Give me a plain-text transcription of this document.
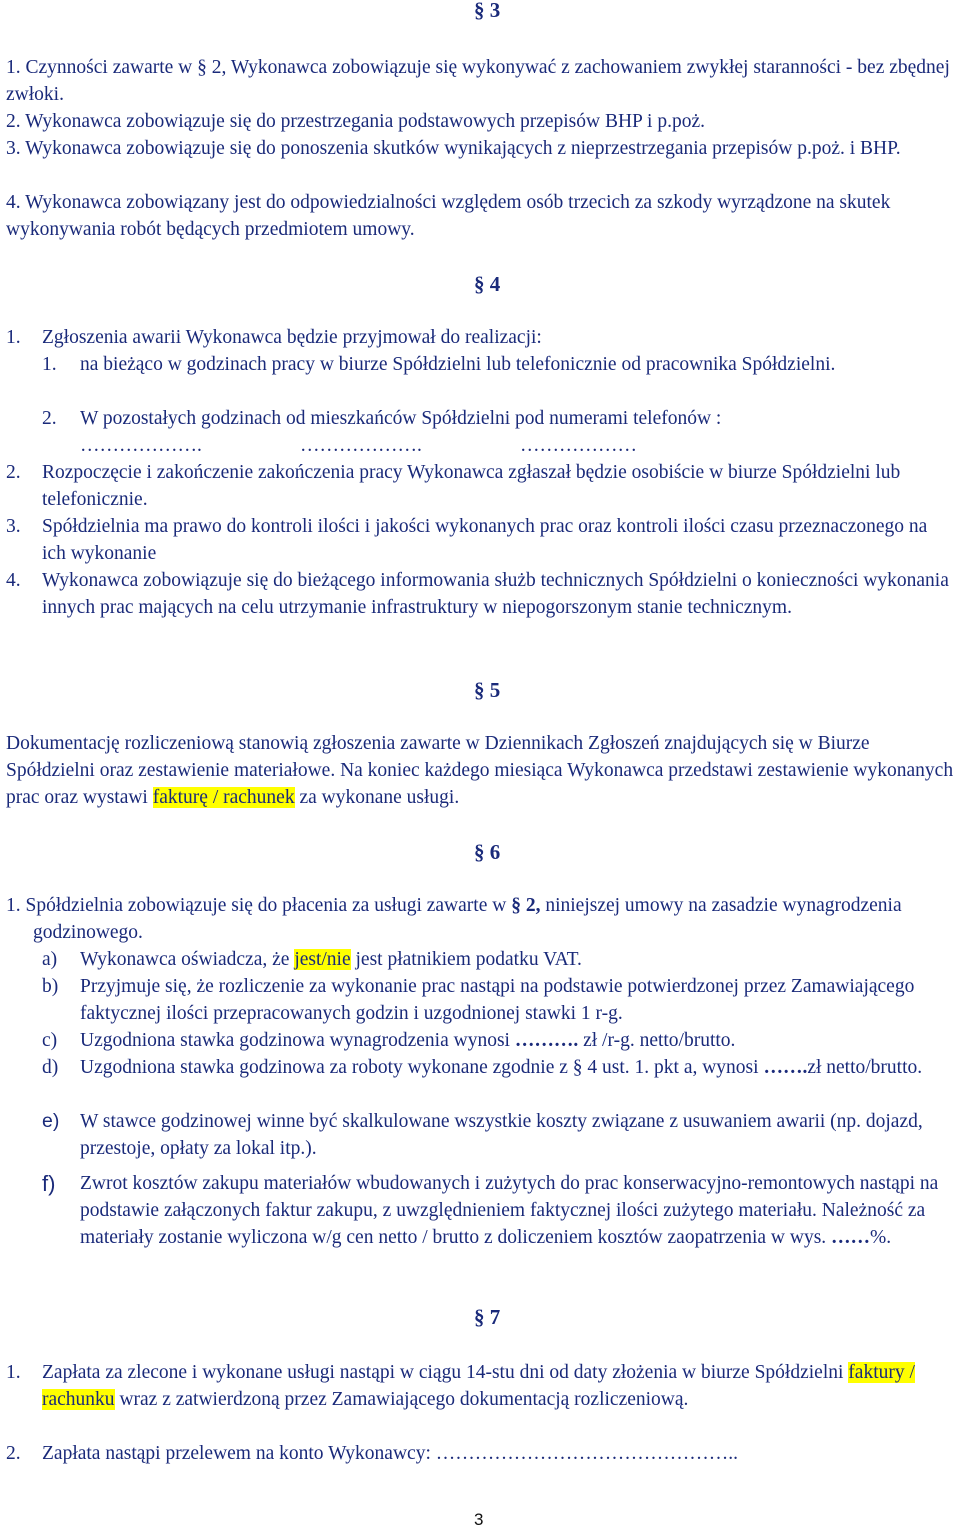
§ 3

1. Czynności zawarte w § 2, Wykonawca zobowiązuje się wykonywać z zachowaniem zwykłej staranności - bez zbędnej zwłoki.

2. Wykonawca zobowiązuje się do przestrzegania podstawowych przepisów BHP i p.poż.

3. Wykonawca zobowiązuje się do ponoszenia skutków wynikających z nieprzestrzegania przepisów p.poż. i BHP.

4. Wykonawca zobowiązany jest do odpowiedzialności względem osób trzecich za szkody wyrządzone na skutek wykonywania robót będących przedmiotem umowy.

§ 4

1.	Zgłoszenia awarii Wykonawca będzie przyjmował do realizacji:
1.	na bieżąco w godzinach pracy w biurze Spółdzielni lub telefonicznie od pracownika Spółdzielni.
2.	W pozostałych godzinach od mieszkańców Spółdzielni pod numerami telefonów :
……………….	……………….	………………
2.	Rozpoczęcie i zakończenie zakończenia pracy Wykonawca zgłaszał będzie osobiście w biurze Spółdzielni lub telefonicznie.
3.	Spółdzielnia ma prawo do kontroli ilości i jakości wykonanych prac oraz kontroli ilości czasu przeznaczonego na ich wykonanie
4.	Wykonawca zobowiązuje się do bieżącego informowania służb technicznych Spółdzielni o konieczności wykonania innych prac mających na celu utrzymanie infrastruktury w niepogorszonym stanie technicznym.

§ 5

Dokumentację rozliczeniową stanowią zgłoszenia zawarte w Dziennikach Zgłoszeń znajdujących się w Biurze Spółdzielni oraz zestawienie materiałowe. Na koniec każdego miesiąca Wykonawca przedstawi zestawienie wykonanych prac oraz wystawi fakturę / rachunek za wykonane usługi.

§ 6

1. Spółdzielnia zobowiązuje się do płacenia za usługi zawarte w § 2, niniejszej umowy na zasadzie wynagrodzenia godzinowego.

a)	Wykonawca oświadcza, że jest/nie jest płatnikiem podatku VAT.
b)	Przyjmuje się, że rozliczenie za wykonanie prac nastąpi na podstawie potwierdzonej przez Zamawiającego faktycznej ilości przepracowanych godzin i uzgodnionej stawki 1 r-g.
c)	Uzgodniona stawka godzinowa wynagrodzenia wynosi ………. zł /r-g. netto/brutto.
d)	Uzgodniona stawka godzinowa za roboty wykonane zgodnie z § 4 ust. 1. pkt a, wynosi …….zł netto/brutto.
e)	W stawce godzinowej winne być skalkulowane wszystkie koszty związane z usuwaniem awarii (np. dojazd, przestoje, opłaty za lokal itp.).
f)	Zwrot kosztów zakupu materiałów wbudowanych i zużytych do prac konserwacyjno-remontowych nastąpi na podstawie załączonych faktur zakupu, z uwzględnieniem faktycznej ilości zużytego materiału. Należność za materiały zostanie wyliczona w/g cen netto / brutto z doliczeniem kosztów zaopatrzenia w wys. ……%.

§ 7

1.	Zapłata za zlecone i wykonane usługi nastąpi w ciągu 14-stu dni od daty złożenia w biurze Spółdzielni faktury / rachunku wraz z zatwierdzoną przez Zamawiającego dokumentacją rozliczeniową.
2.	Zapłata nastąpi przelewem na konto Wykonawcy: ………………………………………..
3
